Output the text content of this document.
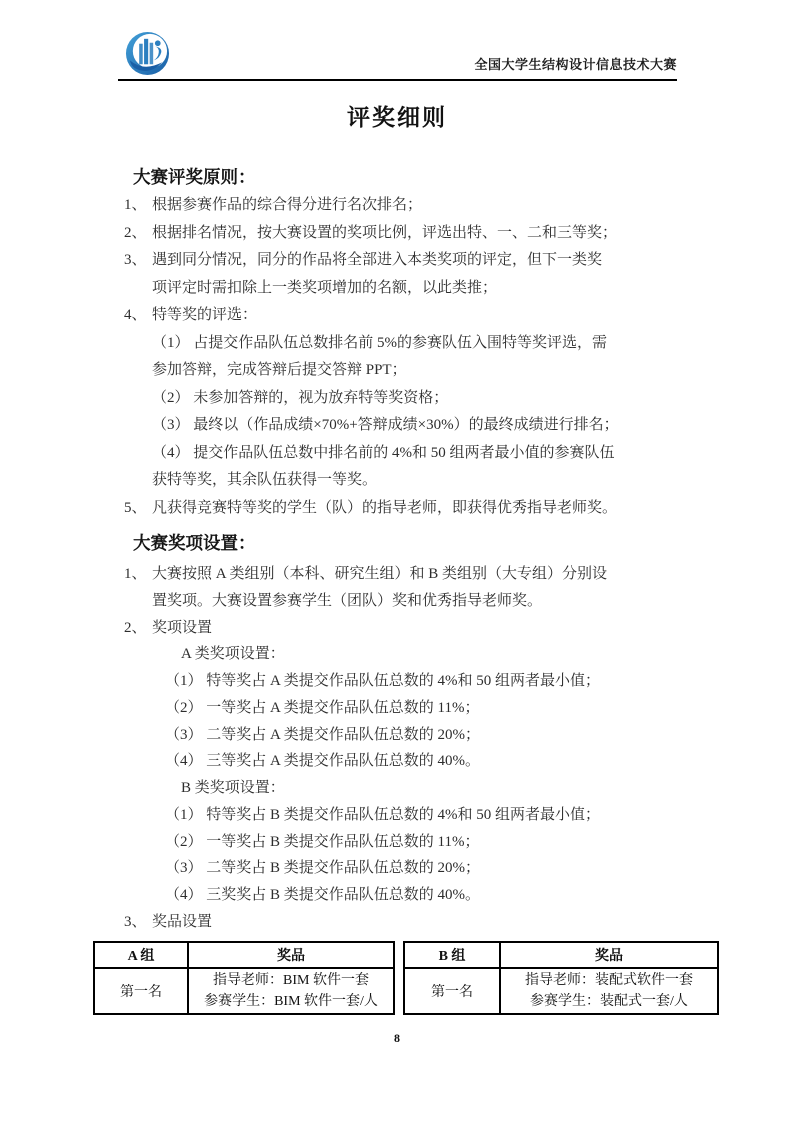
全国大学生结构设计信息技术大赛
评奖细则
大赛评奖原则：
1、 根据参赛作品的综合得分进行名次排名；
2、 根据排名情况，按大赛设置的奖项比例，评选出特、一、二和三等奖；
3、 遇到同分情况，同分的作品将全部进入本类奖项的评定，但下一类奖
项评定时需扣除上一类奖项增加的名额，以此类推；
4、 特等奖的评选：
（1） 占提交作品队伍总数排名前 5%的参赛队伍入围特等奖评选，需
参加答辩，完成答辩后提交答辩 PPT；
（2） 未参加答辩的，视为放弃特等奖资格；
（3） 最终以（作品成绩×70%+答辩成绩×30%）的最终成绩进行排名；
（4） 提交作品队伍总数中排名前的 4%和 50 组两者最小值的参赛队伍
获特等奖，其余队伍获得一等奖。
5、 凡获得竞赛特等奖的学生（队）的指导老师，即获得优秀指导老师奖。
大赛奖项设置：
1、 大赛按照 A 类组别（本科、研究生组）和 B 类组别（大专组）分别设
置奖项。大赛设置参赛学生（团队）奖和优秀指导老师奖。
2、 奖项设置
A 类奖项设置：
（1） 特等奖占 A 类提交作品队伍总数的 4%和 50 组两者最小值；
（2） 一等奖占 A 类提交作品队伍总数的 11%；
（3） 二等奖占 A 类提交作品队伍总数的 20%；
（4） 三等奖占 A 类提交作品队伍总数的 40%。
B 类奖项设置：
（1） 特等奖占 B 类提交作品队伍总数的 4%和 50 组两者最小值；
（2） 一等奖占 B 类提交作品队伍总数的 11%；
（3） 二等奖占 B 类提交作品队伍总数的 20%；
（4） 三奖奖占 B 类提交作品队伍总数的 40%。
3、 奖品设置
A 组	奖品
第一名	指导老师：BIM 软件一套
参赛学生：BIM 软件一套/人
B 组	奖品
第一名	指导老师：装配式软件一套
参赛学生：装配式一套/人
8
